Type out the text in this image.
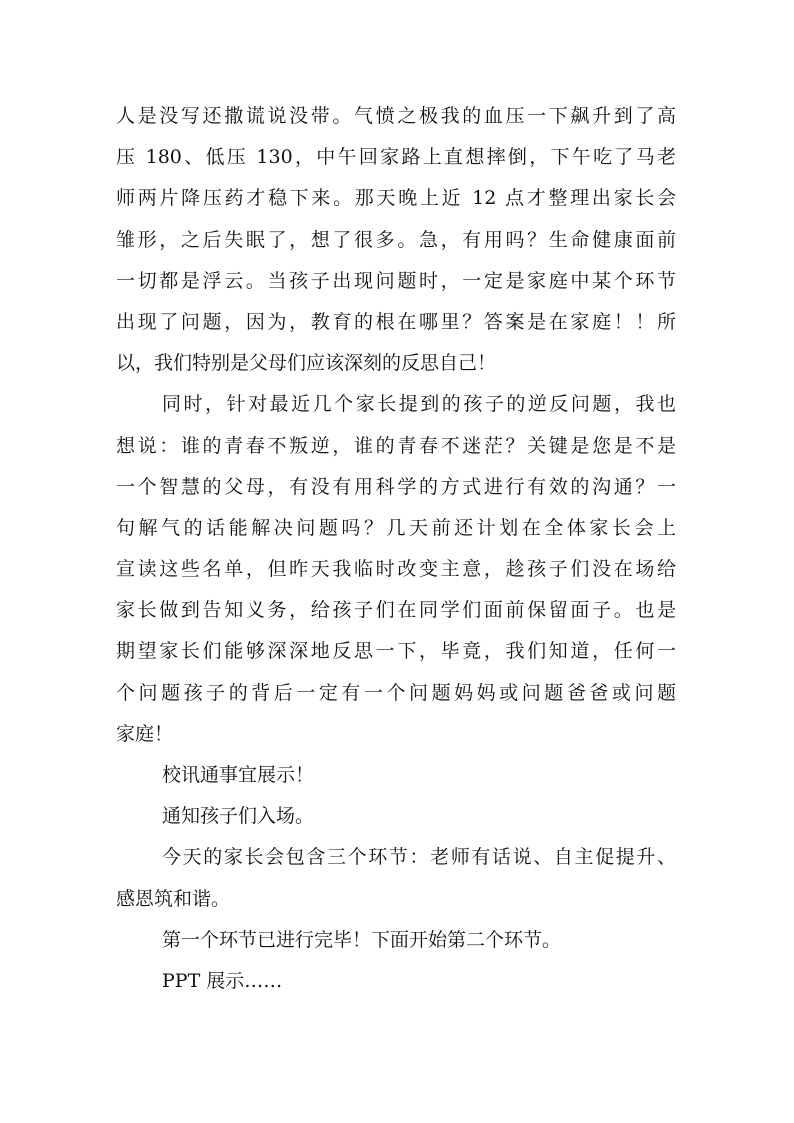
人是没写还撒谎说没带。气愤之极我的血压一下飙升到了高
压 180、低压 130，中午回家路上直想摔倒，下午吃了马老
师两片降压药才稳下来。那天晚上近 12 点才整理出家长会
雏形，之后失眠了，想了很多。急，有用吗？生命健康面前
一切都是浮云。当孩子出现问题时，一定是家庭中某个环节
出现了问题，因为，教育的根在哪里？答案是在家庭！！所
以，我们特别是父母们应该深刻的反思自己！
同时，针对最近几个家长提到的孩子的逆反问题，我也
想说：谁的青春不叛逆，谁的青春不迷茫？关键是您是不是
一个智慧的父母，有没有用科学的方式进行有效的沟通？一
句解气的话能解决问题吗？几天前还计划在全体家长会上
宣读这些名单，但昨天我临时改变主意，趁孩子们没在场给
家长做到告知义务，给孩子们在同学们面前保留面子。也是
期望家长们能够深深地反思一下，毕竟，我们知道，任何一
个问题孩子的背后一定有一个问题妈妈或问题爸爸或问题
家庭！
校讯通事宜展示！
通知孩子们入场。
今天的家长会包含三个环节：老师有话说、自主促提升、
感恩筑和谐。
第一个环节已进行完毕！下面开始第二个环节。
PPT 展示……
